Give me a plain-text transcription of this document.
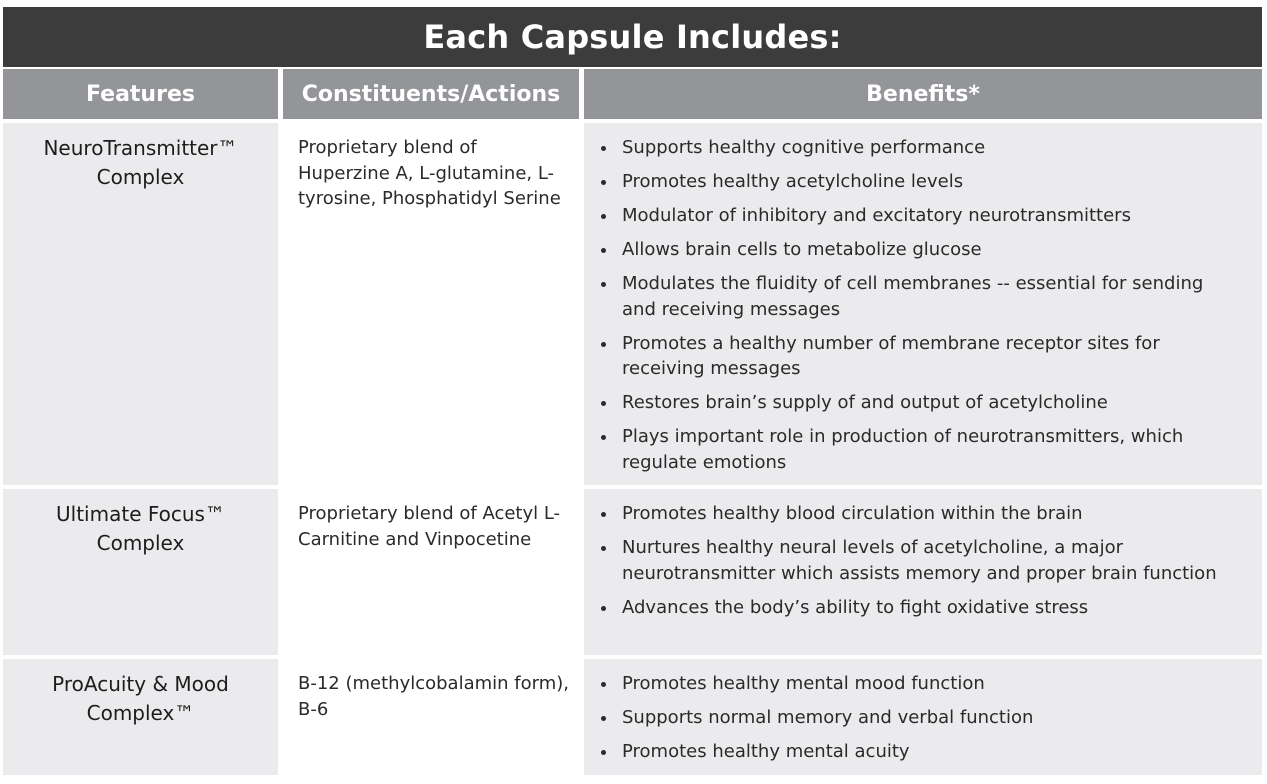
Each Capsule Includes:
Features	Constituents/Actions	Benefits*
NeuroTransmitter™
Complex
Proprietary blend of Huperzine A, L-glutamine, L-tyrosine, Phosphatidyl Serine
Supports healthy cognitive performance
Promotes healthy acetylcholine levels
Modulator of inhibitory and excitatory neurotransmitters
Allows brain cells to metabolize glucose
Modulates the fluidity of cell membranes -- essential for sending and receiving messages
Promotes a healthy number of membrane receptor sites for receiving messages
Restores brain’s supply of and output of acetylcholine
Plays important role in production of neurotransmitters, which regulate emotions
Ultimate Focus™
Complex
Proprietary blend of Acetyl L-Carnitine and Vinpocetine
Promotes healthy blood circulation within the brain
Nurtures healthy neural levels of acetylcholine, a major neurotransmitter which assists memory and proper brain function
Advances the body’s ability to fight oxidative stress
ProAcuity & Mood
Complex™
B-12 (methylcobalamin form), B-6
Promotes healthy mental mood function
Supports normal memory and verbal function
Promotes healthy mental acuity
